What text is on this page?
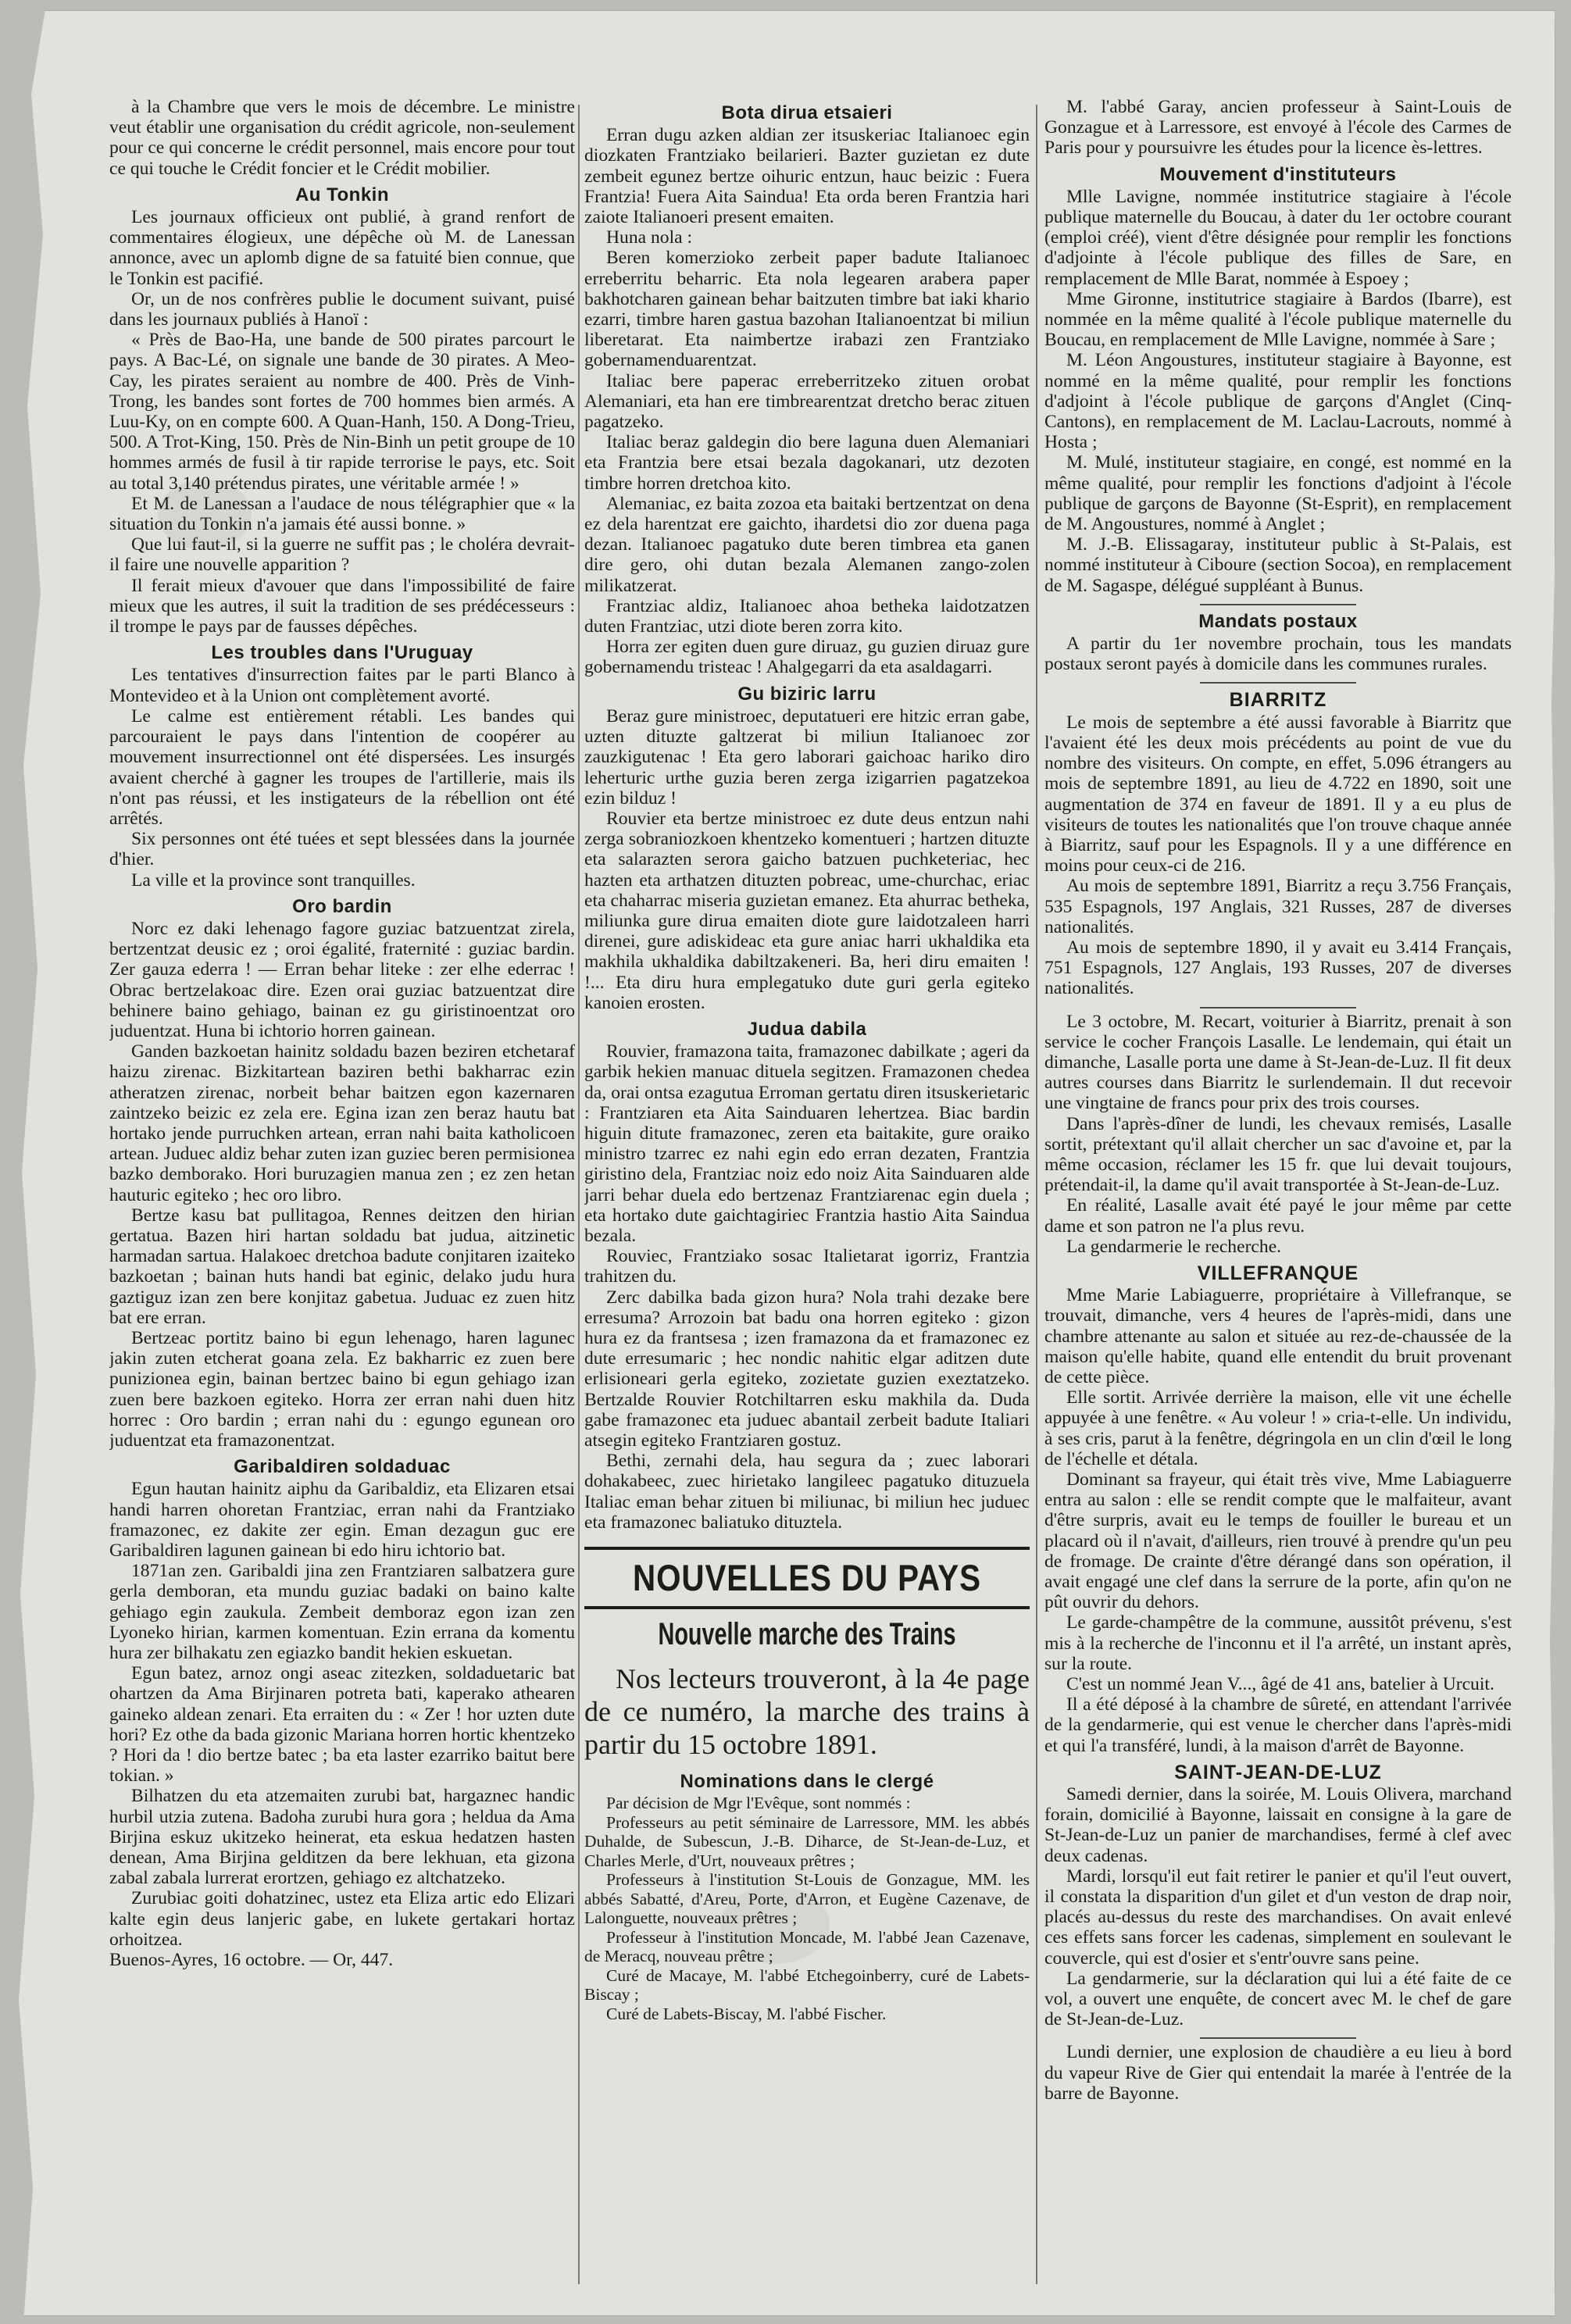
à la Chambre que vers le mois de décembre. Le ministre veut établir une organisation du crédit agricole, non-seulement pour ce qui concerne le crédit personnel, mais encore pour tout ce qui touche le Crédit foncier et le Crédit mobilier.

Au Tonkin

Les journaux officieux ont publié, à grand renfort de commentaires élogieux, une dépêche où M. de Lanessan annonce, avec un aplomb digne de sa fatuité bien connue, que le Tonkin est pacifié.

Or, un de nos confrères publie le document suivant, puisé dans les journaux publiés à Hanoï :

« Près de Bao-Ha, une bande de 500 pirates parcourt le pays. A Bac-Lé, on signale une bande de 30 pirates. A Meo-Cay, les pirates seraient au nombre de 400. Près de Vinh-Trong, les bandes sont fortes de 700 hommes bien armés. A Luu-Ky, on en compte 600. A Quan-Hanh, 150. A Dong-Trieu, 500. A Trot-King, 150. Près de Nin-Binh un petit groupe de 10 hommes armés de fusil à tir rapide terrorise le pays, etc. Soit au total 3,140 prétendus pirates, une véritable armée ! »

Et M. de Lanessan a l'audace de nous télégraphier que « la situation du Tonkin n'a jamais été aussi bonne. »

Que lui faut-il, si la guerre ne suffit pas ; le choléra devrait-il faire une nouvelle apparition ?

Il ferait mieux d'avouer que dans l'impossibilité de faire mieux que les autres, il suit la tradition de ses prédécesseurs : il trompe le pays par de fausses dépêches.

Les troubles dans l'Uruguay

Les tentatives d'insurrection faites par le parti Blanco à Montevideo et à la Union ont complètement avorté.

Le calme est entièrement rétabli. Les bandes qui parcouraient le pays dans l'intention de coopérer au mouvement insurrectionnel ont été dispersées. Les insurgés avaient cherché à gagner les troupes de l'artillerie, mais ils n'ont pas réussi, et les instigateurs de la rébellion ont été arrêtés.

Six personnes ont été tuées et sept blessées dans la journée d'hier.

La ville et la province sont tranquilles.

Oro bardin

Norc ez daki lehenago fagore guziac batzuentzat zirela, bertzentzat deusic ez ; oroi égalité, fraternité : guziac bardin. Zer gauza ederra ! — Erran behar liteke : zer elhe ederrac ! Obrac bertzelakoac dire. Ezen orai guziac batzuentzat dire behinere baino gehiago, bainan ez gu giristinoentzat oro juduentzat. Huna bi ichtorio horren gainean.

Ganden bazkoetan hainitz soldadu bazen beziren etchetaraf haizu zirenac. Bizkitartean baziren bethi bakharrac ezin atheratzen zirenac, norbeit behar baitzen egon kazernaren zaintzeko beizic ez zela ere. Egina izan zen beraz hautu bat hortako jende purruchken artean, erran nahi baita katholicoen artean. Juduec aldiz behar zuten izan guziec beren permisionea bazko demborako. Hori buruzagien manua zen ; ez zen hetan hauturic egiteko ; hec oro libro.

Bertze kasu bat pullitagoa, Rennes deitzen den hirian gertatua. Bazen hiri hartan soldadu bat judua, aitzinetic harmadan sartua. Halakoec dretchoa badute conjitaren izaiteko bazkoetan ; bainan huts handi bat eginic, delako judu hura gaztiguz izan zen bere konjitaz gabetua. Juduac ez zuen hitz bat ere erran.

Bertzeac portitz baino bi egun lehenago, haren lagunec jakin zuten etcherat goana zela. Ez bakharric ez zuen bere punizionea egin, bainan bertzec baino bi egun gehiago izan zuen bere bazkoen egiteko. Horra zer erran nahi duen hitz horrec : Oro bardin ; erran nahi du : egungo egunean oro juduentzat eta framazonentzat.

Garibaldiren soldaduac

Egun hautan hainitz aiphu da Garibaldiz, eta Elizaren etsai handi harren ohoretan Frantziac, erran nahi da Frantziako framazonec, ez dakite zer egin. Eman dezagun guc ere Garibaldiren lagunen gainean bi edo hiru ichtorio bat.

1871an zen. Garibaldi jina zen Frantziaren salbatzera gure gerla demboran, eta mundu guziac badaki on baino kalte gehiago egin zaukula. Zembeit demboraz egon izan zen Lyoneko hirian, karmen komentuan. Ezin errana da komentu hura zer bilhakatu zen egiazko bandit hekien eskuetan.

Egun batez, arnoz ongi aseac zitezken, soldaduetaric bat ohartzen da Ama Birjinaren potreta bati, kaperako athearen gaineko aldean zenari. Eta erraiten du : « Zer ! hor uzten dute hori? Ez othe da bada gizonic Mariana horren hortic khentzeko ? Hori da ! dio bertze batec ; ba eta laster ezarriko baitut bere tokian. »

Bilhatzen du eta atzemaiten zurubi bat, hargaznec handic hurbil utzia zutena. Badoha zurubi hura gora ; heldua da Ama Birjina eskuz ukitzeko heinerat, eta eskua hedatzen hasten denean, Ama Birjina gelditzen da bere lekhuan, eta gizona zabal zabala lurrerat erortzen, gehiago ez altchatzeko.

Zurubiac goiti dohatzinec, ustez eta Eliza artic edo Elizari kalte egin deus lanjeric gabe, en lukete gertakari hortaz orhoitzea.

Buenos-Ayres, 16 octobre. — Or, 447.

Bota dirua etsaieri

Erran dugu azken aldian zer itsuskeriac Italianoec egin diozkaten Frantziako beilarieri. Bazter guzietan ez dute zembeit egunez bertze oihuric entzun, hauc beizic : Fuera Frantzia! Fuera Aita Saindua! Eta orda beren Frantzia hari zaiote Italianoeri present emaiten.

Huna nola :

Beren komerzioko zerbeit paper badute Italianoec erreberritu beharric. Eta nola legearen arabera paper bakhotcharen gainean behar baitzuten timbre bat iaki khario ezarri, timbre haren gastua bazohan Italianoentzat bi miliun liberetarat. Eta naimbertze irabazi zen Frantziako gobernamenduarentzat.

Italiac bere paperac erreberritzeko zituen orobat Alemaniari, eta han ere timbrearentzat dretcho berac zituen pagatzeko.

Italiac beraz galdegin dio bere laguna duen Alemaniari eta Frantzia bere etsai bezala dagokanari, utz dezoten timbre horren dretchoa kito.

Alemaniac, ez baita zozoa eta baitaki bertzentzat on dena ez dela harentzat ere gaichto, ihardetsi dio zor duena paga dezan. Italianoec pagatuko dute beren timbrea eta ganen dire gero, ohi dutan bezala Alemanen zango-zolen milikatzerat.

Frantziac aldiz, Italianoec ahoa betheka laidotzatzen duten Frantziac, utzi diote beren zorra kito.

Horra zer egiten duen gure diruaz, gu guzien diruaz gure gobernamendu tristeac ! Ahalgegarri da eta asaldagarri.

Gu biziric larru

Beraz gure ministroec, deputatueri ere hitzic erran gabe, uzten dituzte galtzerat bi miliun Italianoec zor zauzkigutenac ! Eta gero laborari gaichoac hariko diro leherturic urthe guzia beren zerga izigarrien pagatzekoa ezin bilduz !

Rouvier eta bertze ministroec ez dute deus entzun nahi zerga sobraniozkoen khentzeko komentueri ; hartzen dituzte eta salarazten serora gaicho batzuen puchketeriac, hec hazten eta arthatzen dituzten pobreac, ume-churchac, eriac eta chaharrac miseria guzietan emanez. Eta ahurrac betheka, miliunka gure dirua emaiten diote gure laidotzaleen harri direnei, gure adiskideac eta gure aniac harri ukhaldika eta makhila ukhaldika dabiltzakeneri. Ba, heri diru emaiten ! !... Eta diru hura emplegatuko dute guri gerla egiteko kanoien erosten.

Judua dabila

Rouvier, framazona taita, framazonec dabilkate ; ageri da garbik hekien manuac dituela segitzen. Framazonen chedea da, orai ontsa ezagutua Erroman gertatu diren itsuskerietaric : Frantziaren eta Aita Sainduaren lehertzea. Biac bardin higuin ditute framazonec, zeren eta baitakite, gure oraiko ministro tzarrec ez nahi egin edo erran dezaten, Frantzia giristino dela, Frantziac noiz edo noiz Aita Sainduaren alde jarri behar duela edo bertzenaz Frantziarenac egin duela ; eta hortako dute gaichtagiriec Frantzia hastio Aita Saindua bezala.

Rouviec, Frantziako sosac Italietarat igorriz, Frantzia trahitzen du.

Zerc dabilka bada gizon hura? Nola trahi dezake bere erresuma? Arrozoin bat badu ona horren egiteko : gizon hura ez da frantsesa ; izen framazona da et framazonec ez dute erresumaric ; hec nondic nahitic elgar aditzen dute erlisioneari gerla egiteko, zozietate guzien exeztatzeko. Bertzalde Rouvier Rotchiltarren esku makhila da. Duda gabe framazonec eta juduec abantail zerbeit badute Italiari atsegin egiteko Frantziaren gostuz.

Bethi, zernahi dela, hau segura da ; zuec laborari dohakabeec, zuec hirietako langileec pagatuko dituzuela Italiac eman behar zituen bi miliunac, bi miliun hec juduec eta framazonec baliatuko dituztela.

NOUVELLES DU PAYS
Nouvelle marche des Trains

Nos lecteurs trouveront, à la 4e page de ce numéro, la marche des trains à partir du 15 octobre 1891.

Nominations dans le clergé

Par décision de Mgr l'Evêque, sont nommés :

Professeurs au petit séminaire de Larressore, MM. les abbés Duhalde, de Subescun, J.-B. Diharce, de St-Jean-de-Luz, et Charles Merle, d'Urt, nouveaux prêtres ;

Professeurs à l'institution St-Louis de Gonzague, MM. les abbés Sabatté, d'Areu, Porte, d'Arron, et Eugène Cazenave, de Lalonguette, nouveaux prêtres ;

Professeur à l'institution Moncade, M. l'abbé Jean Cazenave, de Meracq, nouveau prêtre ;

Curé de Macaye, M. l'abbé Etchegoinberry, curé de Labets-Biscay ;

Curé de Labets-Biscay, M. l'abbé Fischer.

M. l'abbé Garay, ancien professeur à Saint-Louis de Gonzague et à Larressore, est envoyé à l'école des Carmes de Paris pour y poursuivre les études pour la licence ès-lettres.

Mouvement d'instituteurs

Mlle Lavigne, nommée institutrice stagiaire à l'école publique maternelle du Boucau, à dater du 1er octobre courant (emploi créé), vient d'être désignée pour remplir les fonctions d'adjointe à l'école publique des filles de Sare, en remplacement de Mlle Barat, nommée à Espoey ;

Mme Gironne, institutrice stagiaire à Bardos (Ibarre), est nommée en la même qualité à l'école publique maternelle du Boucau, en remplacement de Mlle Lavigne, nommée à Sare ;

M. Léon Angoustures, instituteur stagiaire à Bayonne, est nommé en la même qualité, pour remplir les fonctions d'adjoint à l'école publique de garçons d'Anglet (Cinq-Cantons), en remplacement de M. Laclau-Lacrouts, nommé à Hosta ;

M. Mulé, instituteur stagiaire, en congé, est nommé en la même qualité, pour remplir les fonctions d'adjoint à l'école publique de garçons de Bayonne (St-Esprit), en remplacement de M. Angoustures, nommé à Anglet ;

M. J.-B. Elissagaray, instituteur public à St-Palais, est nommé instituteur à Ciboure (section Socoa), en remplacement de M. Sagaspe, délégué suppléant à Bunus.

Mandats postaux

A partir du 1er novembre prochain, tous les mandats postaux seront payés à domicile dans les communes rurales.

BIARRITZ

Le mois de septembre a été aussi favorable à Biarritz que l'avaient été les deux mois précédents au point de vue du nombre des visiteurs. On compte, en effet, 5.096 étrangers au mois de septembre 1891, au lieu de 4.722 en 1890, soit une augmentation de 374 en faveur de 1891. Il y a eu plus de visiteurs de toutes les nationalités que l'on trouve chaque année à Biarritz, sauf pour les Espagnols. Il y a une différence en moins pour ceux-ci de 216.

Au mois de septembre 1891, Biarritz a reçu 3.756 Français, 535 Espagnols, 197 Anglais, 321 Russes, 287 de diverses nationalités.

Au mois de septembre 1890, il y avait eu 3.414 Français, 751 Espagnols, 127 Anglais, 193 Russes, 207 de diverses nationalités.

Le 3 octobre, M. Recart, voiturier à Biarritz, prenait à son service le cocher François Lasalle. Le lendemain, qui était un dimanche, Lasalle porta une dame à St-Jean-de-Luz. Il fit deux autres courses dans Biarritz le surlendemain. Il dut recevoir une vingtaine de francs pour prix des trois courses.

Dans l'après-dîner de lundi, les chevaux remisés, Lasalle sortit, prétextant qu'il allait chercher un sac d'avoine et, par la même occasion, réclamer les 15 fr. que lui devait toujours, prétendait-il, la dame qu'il avait transportée à St-Jean-de-Luz.

En réalité, Lasalle avait été payé le jour même par cette dame et son patron ne l'a plus revu.

La gendarmerie le recherche.

VILLEFRANQUE

Mme Marie Labiaguerre, propriétaire à Villefranque, se trouvait, dimanche, vers 4 heures de l'après-midi, dans une chambre attenante au salon et située au rez-de-chaussée de la maison qu'elle habite, quand elle entendit du bruit provenant de cette pièce.

Elle sortit. Arrivée derrière la maison, elle vit une échelle appuyée à une fenêtre. « Au voleur ! » cria-t-elle. Un individu, à ses cris, parut à la fenêtre, dégringola en un clin d'œil le long de l'échelle et détala.

Dominant sa frayeur, qui était très vive, Mme Labiaguerre entra au salon : elle se rendit compte que le malfaiteur, avant d'être surpris, avait eu le temps de fouiller le bureau et un placard où il n'avait, d'ailleurs, rien trouvé à prendre qu'un peu de fromage. De crainte d'être dérangé dans son opération, il avait engagé une clef dans la serrure de la porte, afin qu'on ne pût ouvrir du dehors.

Le garde-champêtre de la commune, aussitôt prévenu, s'est mis à la recherche de l'inconnu et il l'a arrêté, un instant après, sur la route.

C'est un nommé Jean V..., âgé de 41 ans, batelier à Urcuit.

Il a été déposé à la chambre de sûreté, en attendant l'arrivée de la gendarmerie, qui est venue le chercher dans l'après-midi et qui l'a transféré, lundi, à la maison d'arrêt de Bayonne.

SAINT-JEAN-DE-LUZ

Samedi dernier, dans la soirée, M. Louis Olivera, marchand forain, domicilié à Bayonne, laissait en consigne à la gare de St-Jean-de-Luz un panier de marchandises, fermé à clef avec deux cadenas.

Mardi, lorsqu'il eut fait retirer le panier et qu'il l'eut ouvert, il constata la disparition d'un gilet et d'un veston de drap noir, placés au-dessus du reste des marchandises. On avait enlevé ces effets sans forcer les cadenas, simplement en soulevant le couvercle, qui est d'osier et s'entr'ouvre sans peine.

La gendarmerie, sur la déclaration qui lui a été faite de ce vol, a ouvert une enquête, de concert avec M. le chef de gare de St-Jean-de-Luz.

Lundi dernier, une explosion de chaudière a eu lieu à bord du vapeur Rive de Gier qui entendait la marée à l'entrée de la barre de Bayonne.
